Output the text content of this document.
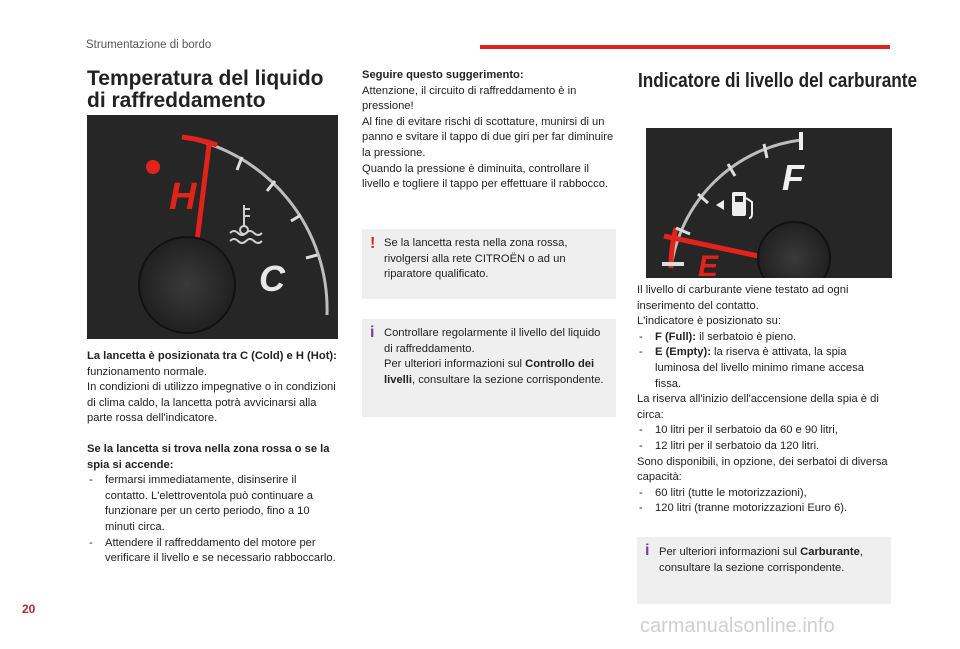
Strumentazione di bordo
Temperatura del liquido di raffreddamento
H
C

La lancetta è posizionata tra C (Cold) e H (Hot): funzionamento normale.

In condizioni di utilizzo impegnative o in condizioni di clima caldo, la lancetta potrà avvicinarsi alla parte rossa dell'indicatore.

Se la lancetta si trova nella zona rossa o se la spia si accende:

- fermarsi immediatamente, disinserire il contatto. L'elettroventola può continuare a funzionare per un certo periodo, fino a 10 minuti circa.
- Attendere il raffreddamento del motore per verificare il livello e se necessario rabboccarlo.

Seguire questo suggerimento:

Attenzione, il circuito di raffreddamento è in pressione!
Al fine di evitare rischi di scottature, munirsi di un panno e svitare il tappo di due giri per far diminuire la pressione.
Quando la pressione è diminuita, controllare il livello e togliere il tappo per effettuare il rabbocco.

! Se la lancetta resta nella zona rossa, rivolgersi alla rete CITROËN o ad un riparatore qualificato.
i Controllare regolarmente il livello del liquido di raffreddamento.
Per ulteriori informazioni sul Controllo dei livelli, consultare la sezione corrispondente.
Indicatore di livello del carburante
F
E

Il livello di carburante viene testato ad ogni inserimento del contatto.
L'indicatore è posizionato su:

- F (Full): il serbatoio è pieno.
- E (Empty): la riserva è attivata, la spia luminosa del livello minimo rimane accesa fissa.

La riserva all'inizio dell'accensione della spia è di circa:

- 10 litri per il serbatoio da 60 e 90 litri,
- 12 litri per il serbatoio da 120 litri.

Sono disponibili, in opzione, dei serbatoi di diversa capacità:

- 60 litri (tutte le motorizzazioni),
- 120 litri (tranne motorizzazioni Euro 6).
i Per ulteriori informazioni sul Carburante, consultare la sezione corrispondente.
20
carmanualsonline.info
